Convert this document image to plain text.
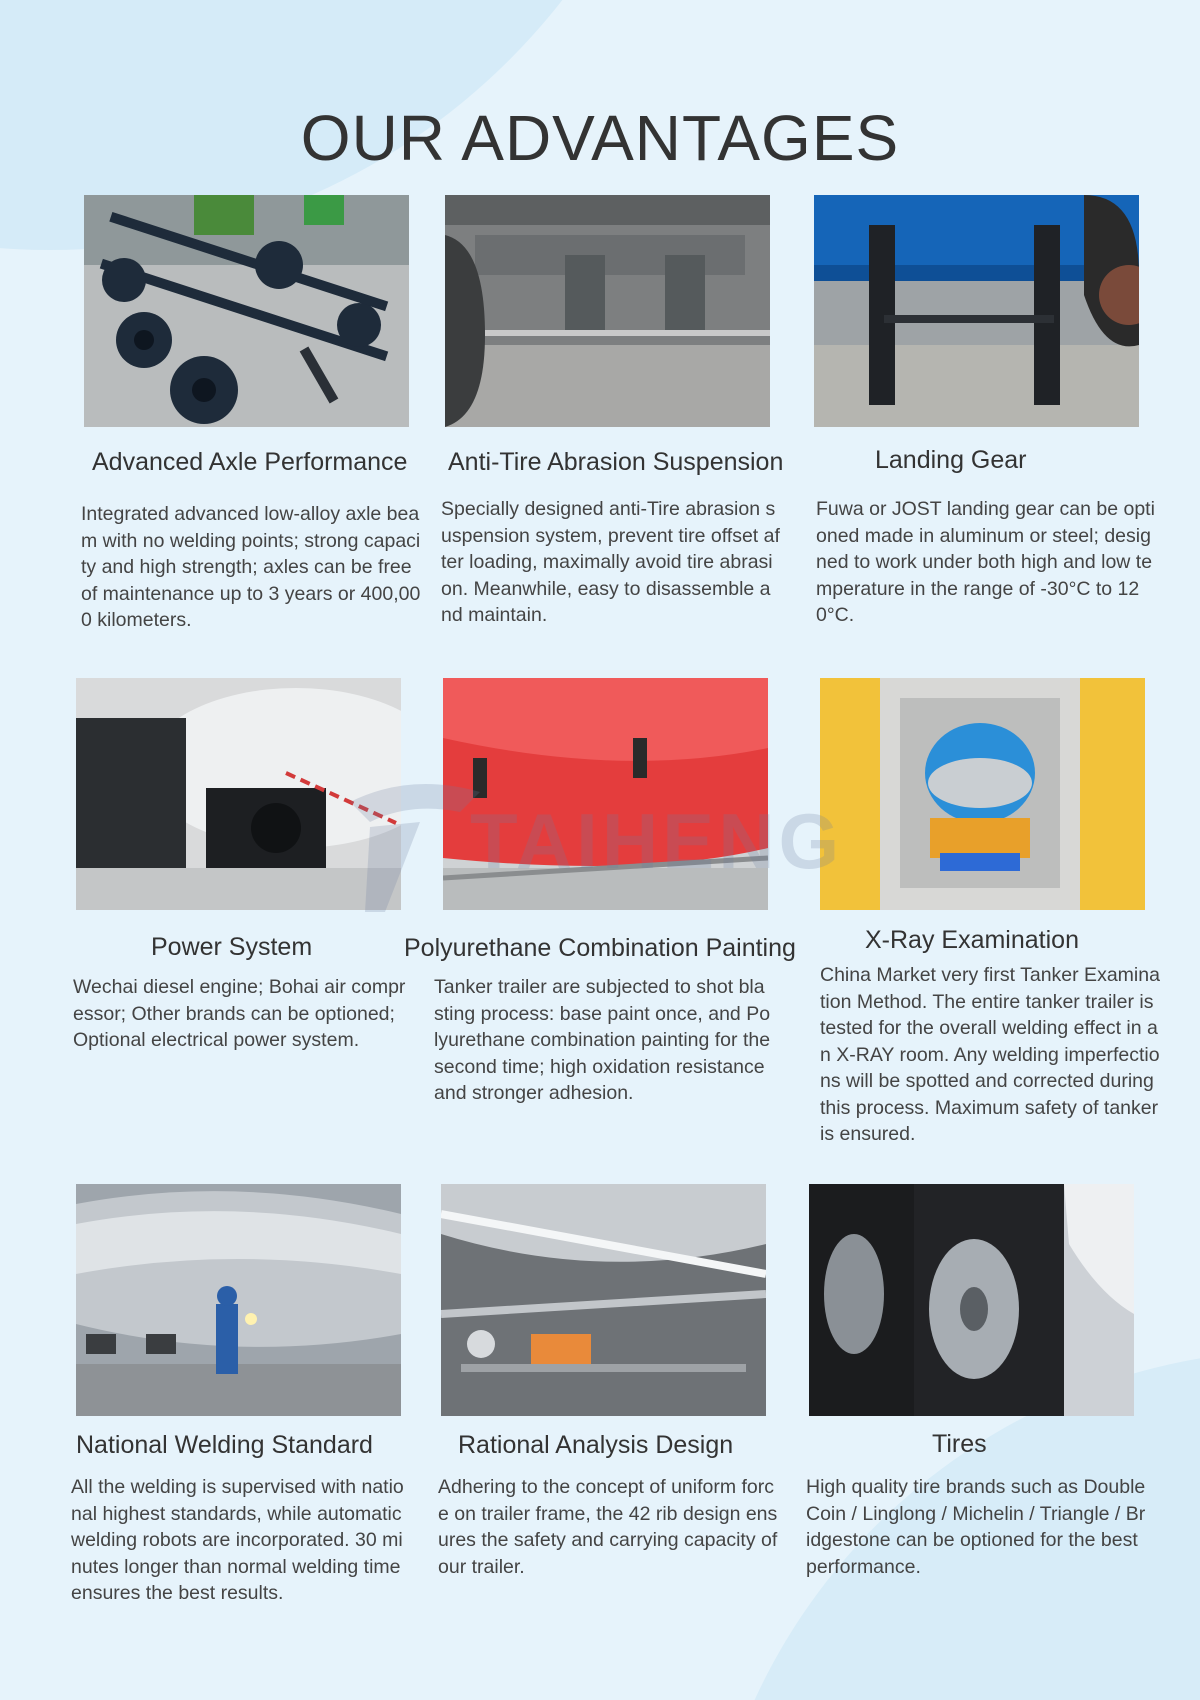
OUR ADVANTAGES
Advanced Axle Performance
Integrated advanced low-alloy axle beam with no welding points; strong capacity and high strength; axles can be free of maintenance up to 3 years or 400,000 kilometers.
Anti-Tire Abrasion Suspension
Specially designed anti-Tire abrasion suspension system, prevent tire offset after loading, maximally avoid tire abrasion. Meanwhile, easy to disassemble and maintain.
Landing Gear
Fuwa or JOST landing gear can be optioned made in aluminum or steel; designed to work under both high and low temperature in the range of -30°C to 120°C.
Power System
Wechai diesel engine; Bohai air compressor; Other brands can be optioned; Optional electrical power system.
Polyurethane Combination Painting
Tanker trailer are subjected to shot blasting process: base paint once, and Polyurethane combination painting for the second time; high oxidation resistance and stronger adhesion.
X-Ray Examination
China Market very first Tanker Examination Method. The entire tanker trailer is tested for the overall welding effect in an X-RAY room. Any welding imperfections will be spotted and corrected during this process. Maximum safety of tanker is ensured.
National Welding Standard
All the welding is supervised with national highest standards, while automatic welding robots are incorporated. 30 minutes longer than normal welding time ensures the best results.
Rational Analysis Design
Adhering to the concept of uniform force on trailer frame, the 42 rib design ensures the safety and carrying capacity of our trailer.
Tires
High quality tire brands such as Double Coin / Linglong / Michelin / Triangle / Bridgestone can be optioned for the best performance.
TAIHENG
